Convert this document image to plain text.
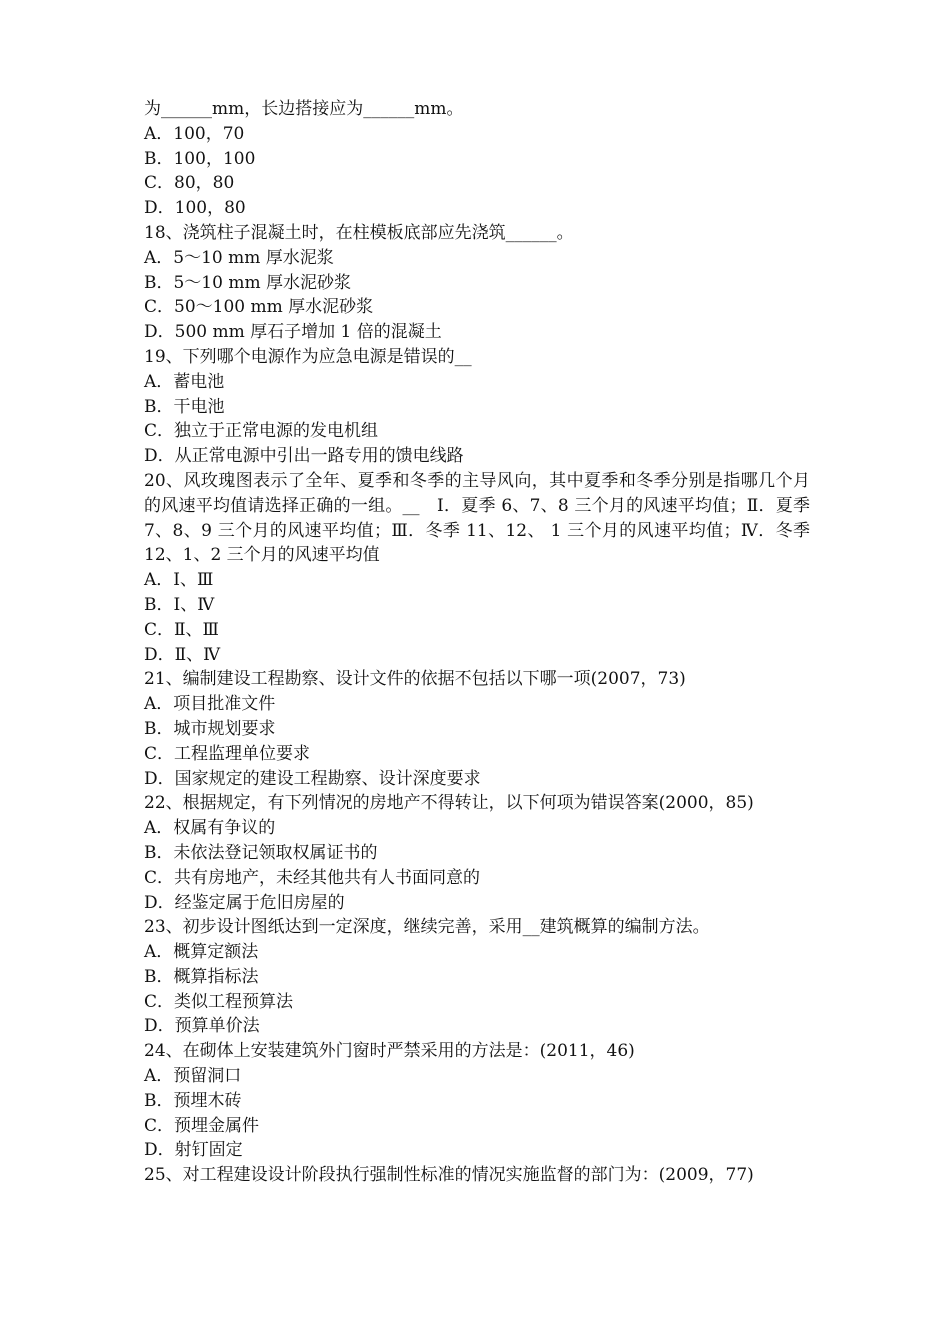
为______mm，长边搭接应为______mm。
A．100，70
B．100，100
C．80，80
D．100，80
18、浇筑柱子混凝土时，在柱模板底部应先浇筑______。
A．5～10 mm 厚水泥浆
B．5～10 mm 厚水泥砂浆
C．50～100 mm 厚水泥砂浆
D．500 mm 厚石子增加 1 倍的混凝土
19、下列哪个电源作为应急电源是错误的__
A．蓄电池
B．干电池
C．独立于正常电源的发电机组
D．从正常电源中引出一路专用的馈电线路
20、风玫瑰图表示了全年、夏季和冬季的主导风向，其中夏季和冬季分别是指哪几个月的风速平均值请选择正确的一组。__　Ⅰ．夏季 6、7、8 三个月的风速平均值；Ⅱ．夏季 7、8、9 三个月的风速平均值；Ⅲ．冬季 11、12、 1 三个月的风速平均值；Ⅳ．冬季 12、1、2 三个月的风速平均值
A．Ⅰ、Ⅲ
B．Ⅰ、Ⅳ
C．Ⅱ、Ⅲ
D．Ⅱ、Ⅳ
21、编制建设工程勘察、设计文件的依据不包括以下哪一项(2007，73)
A．项目批准文件
B．城市规划要求
C．工程监理单位要求
D．国家规定的建设工程勘察、设计深度要求
22、根据规定，有下列情况的房地产不得转让，以下何项为错误答案(2000，85)
A．权属有争议的
B．未依法登记领取权属证书的
C．共有房地产，未经其他共有人书面同意的
D．经鉴定属于危旧房屋的
23、初步设计图纸达到一定深度，继续完善，采用__建筑概算的编制方法。
A．概算定额法
B．概算指标法
C．类似工程预算法
D．预算单价法
24、在砌体上安装建筑外门窗时严禁采用的方法是：(2011，46)
A．预留洞口
B．预埋木砖
C．预埋金属件
D．射钉固定
25、对工程建设设计阶段执行强制性标准的情况实施监督的部门为：(2009，77)
